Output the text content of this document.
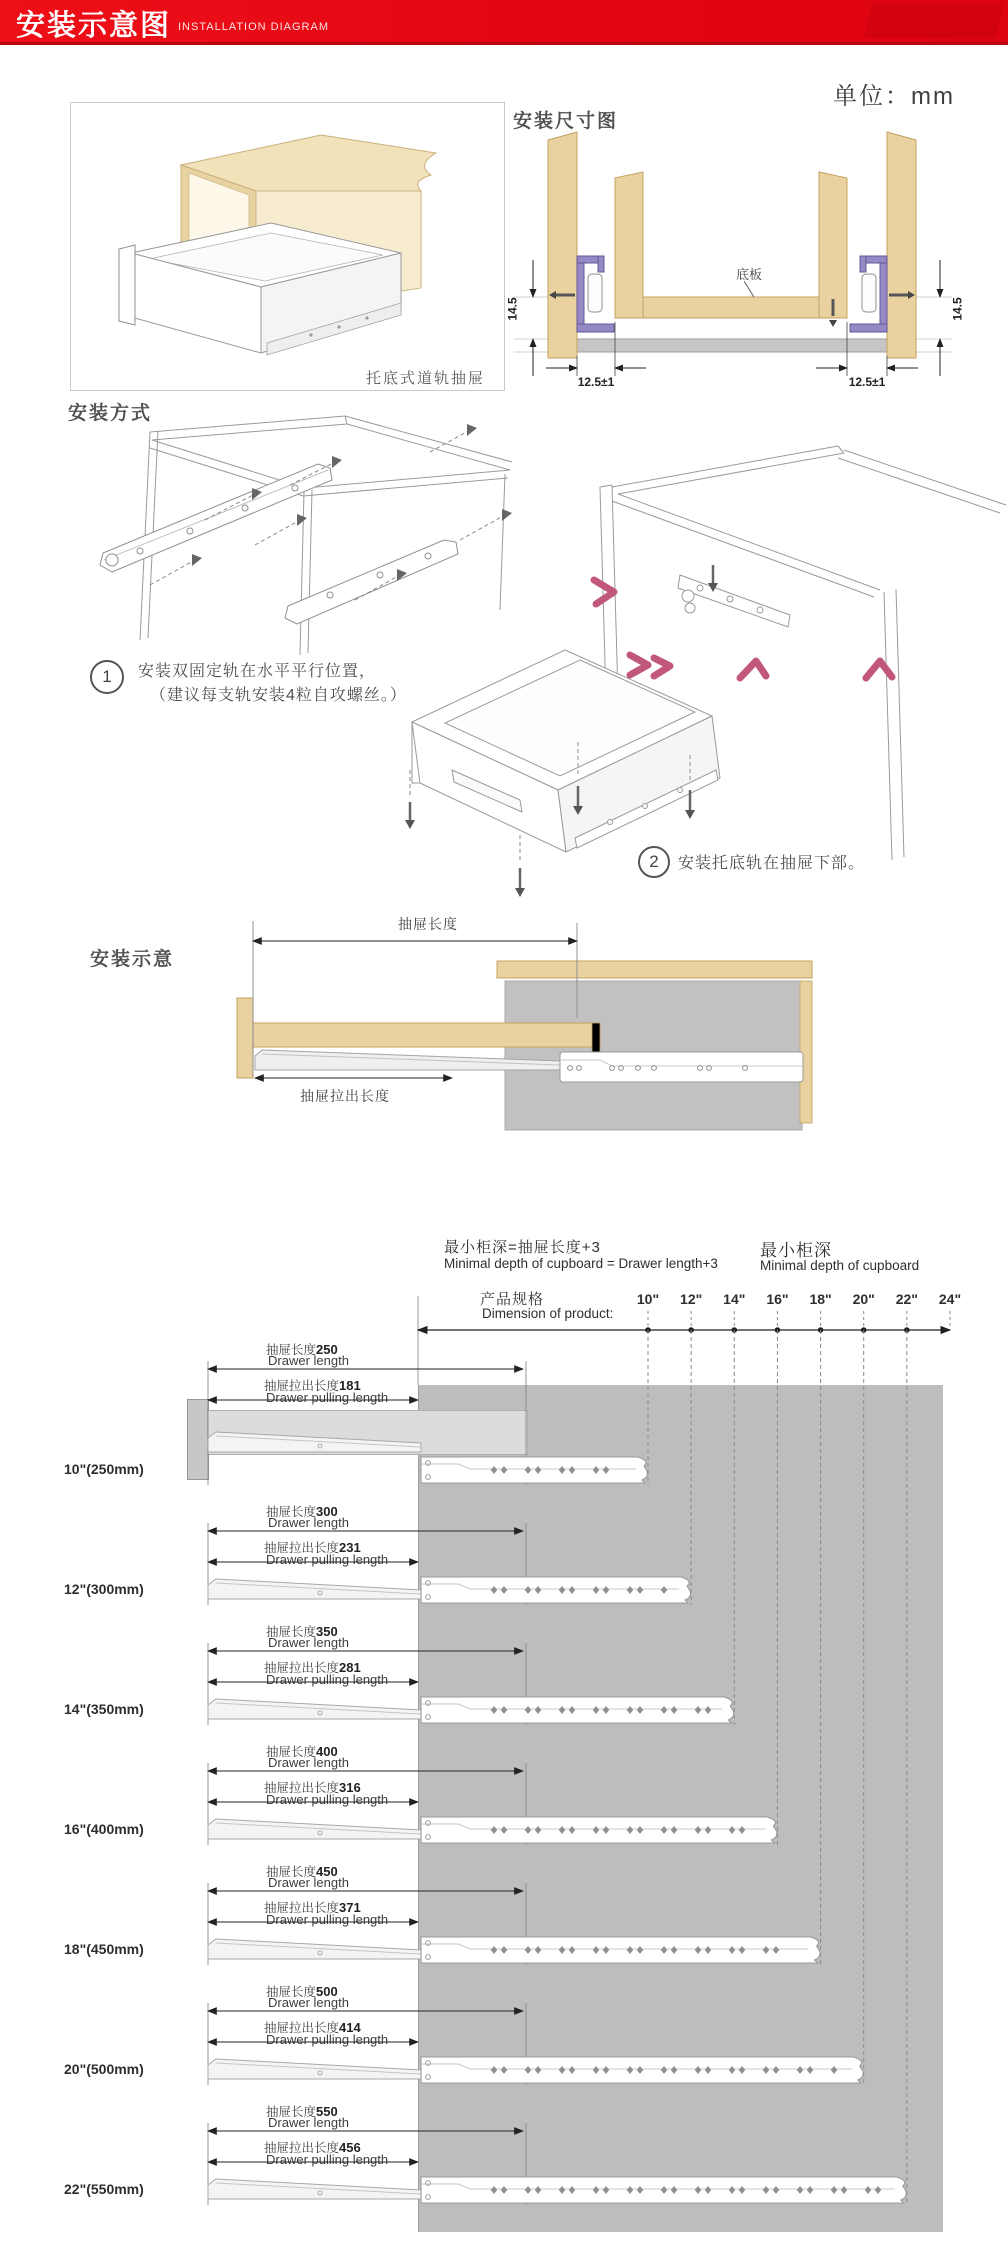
安装示意图 INSTALLATION DIAGRAM
单位：mm
托底式道轨抽屉
安装尺寸图
底板
14.5	14.5
12.5±1	12.5±1
安装方式
1	安装双固定轨在水平平行位置，
（建议每支轨安装4粒自攻螺丝。）
2	安装托底轨在抽屉下部。
安装示意
抽屉长度
抽屉拉出长度
最小柜深=抽屉长度+3
Minimal depth of cupboard = Drawer length+3
最小柜深
Minimal depth of cupboard
产品规格
Dimension of product:
10"	12"	14"	16"	18"	20"	22"	24"
抽屉长度250
Drawer length
抽屉拉出长度181
Drawer pulling length
10"(250mm)
抽屉长度300
Drawer length
抽屉拉出长度231
Drawer pulling length
12"(300mm)
抽屉长度350
Drawer length
抽屉拉出长度281
Drawer pulling length
14"(350mm)
抽屉长度400
Drawer length
抽屉拉出长度316
Drawer pulling length
16"(400mm)
抽屉长度450
Drawer length
抽屉拉出长度371
Drawer pulling length
18"(450mm)
抽屉长度500
Drawer length
抽屉拉出长度414
Drawer pulling length
20"(500mm)
抽屉长度550
Drawer length
抽屉拉出长度456
Drawer pulling length
22"(550mm)
